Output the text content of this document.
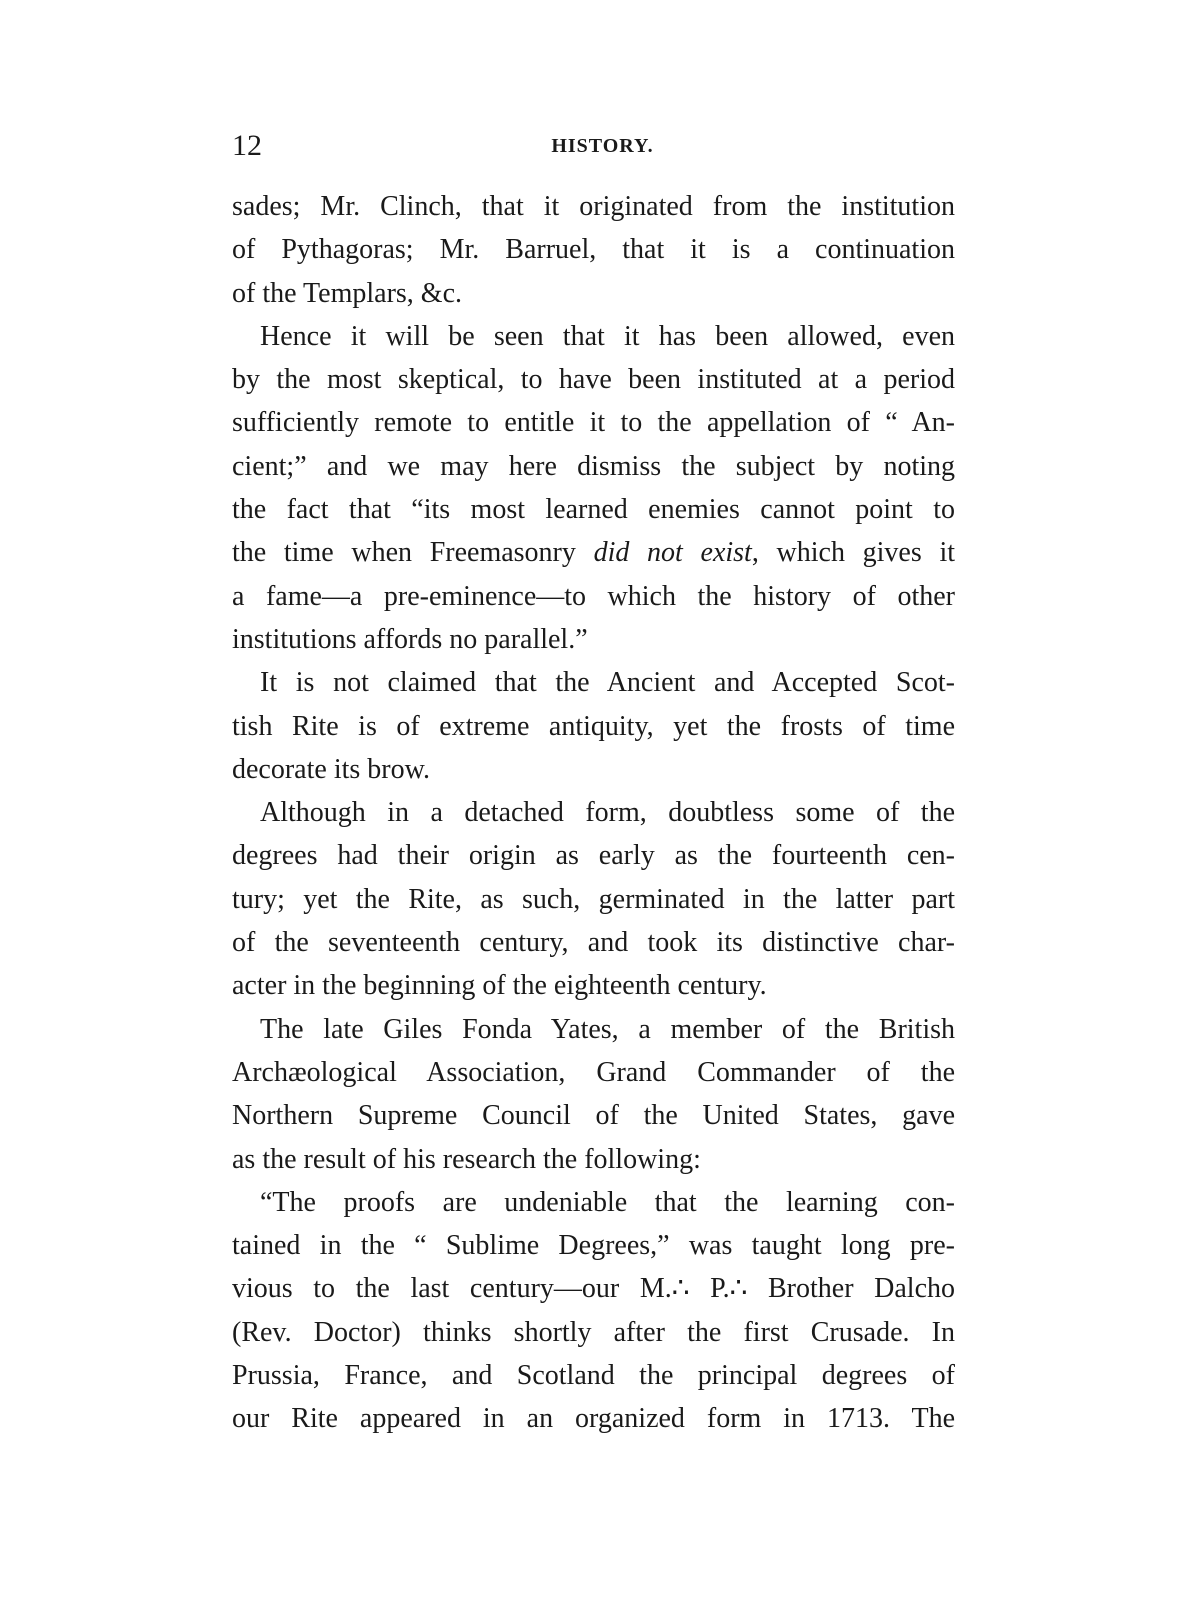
12	HISTORY.
sades; Mr. Clinch, that it originated from the institution
of Pythagoras; Mr. Barruel, that it is a continuation
of the Templars, &c.
Hence it will be seen that it has been allowed, even
by the most skeptical, to have been instituted at a period
sufficiently remote to entitle it to the appellation of “ An-
cient;” and we may here dismiss the subject by noting
the fact that “its most learned enemies cannot point to
the time when Freemasonry did not exist, which gives it
a fame—a pre-eminence—to which the history of other
institutions affords no parallel.”
It is not claimed that the Ancient and Accepted Scot-
tish Rite is of extreme antiquity, yet the frosts of time
decorate its brow.
Although in a detached form, doubtless some of the
degrees had their origin as early as the fourteenth cen-
tury; yet the Rite, as such, germinated in the latter part
of the seventeenth century, and took its distinctive char-
acter in the beginning of the eighteenth century.
The late Giles Fonda Yates, a member of the British
Archæological Association, Grand Commander of the
Northern Supreme Council of the United States, gave
as the result of his research the following:
“The proofs are undeniable that the learning con-
tained in the “ Sublime Degrees,” was taught long pre-
vious to the last century—our M.∴ P.∴ Brother Dalcho
(Rev. Doctor) thinks shortly after the first Crusade. In
Prussia, France, and Scotland the principal degrees of
our Rite appeared in an organized form in 1713. The
